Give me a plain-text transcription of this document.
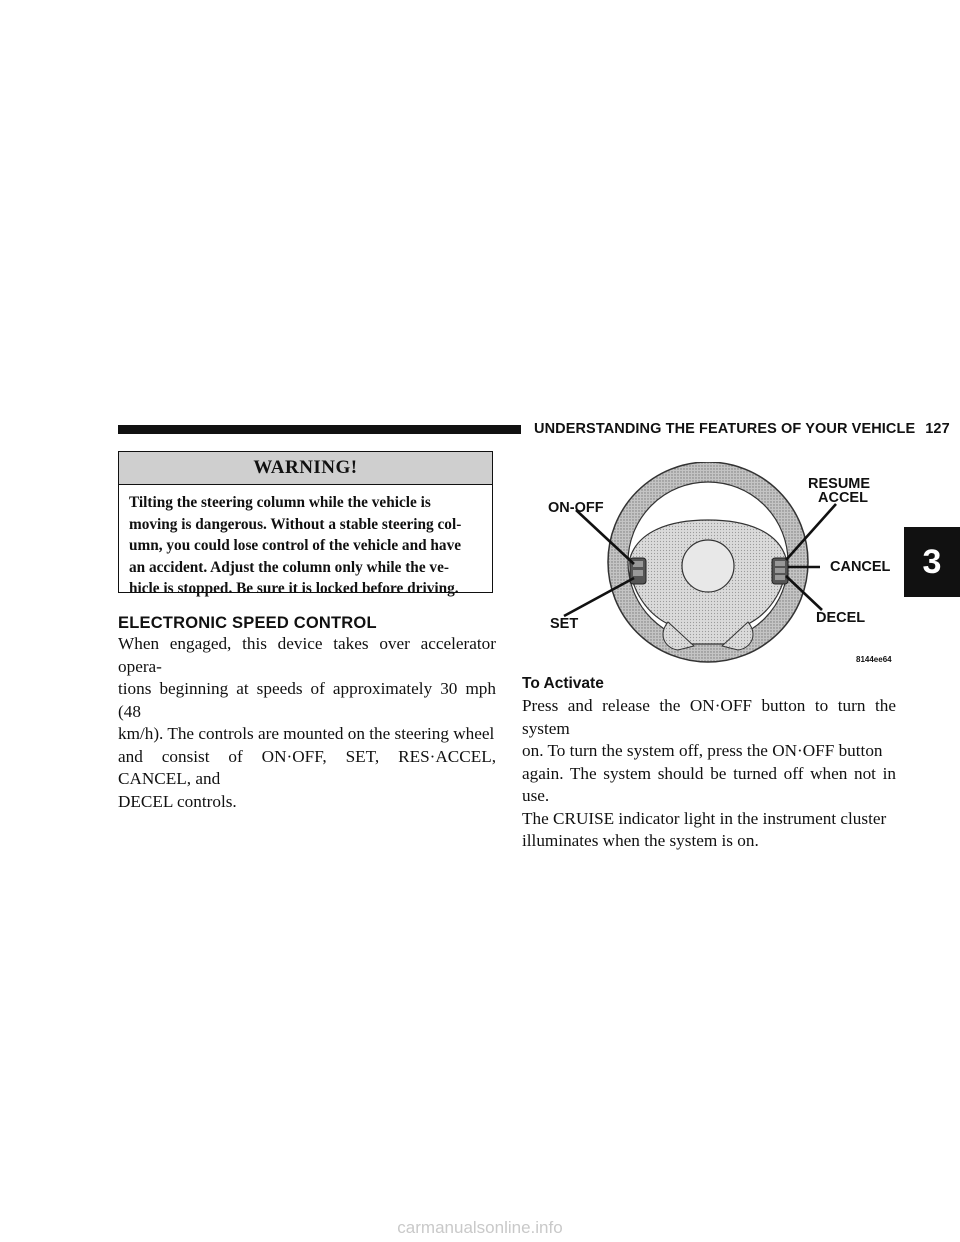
UNDERSTANDING THE FEATURES OF YOUR VEHICLE 127
3
WARNING!
Tilting the steering column while the vehicle is
moving is dangerous. Without a stable steering col-
umn, you could lose control of the vehicle and have
an accident. Adjust the column only while the ve-
hicle is stopped. Be sure it is locked before driving.
ELECTRONIC SPEED CONTROL
When engaged, this device takes over accelerator opera-
tions beginning at speeds of approximately 30 mph (48
km/h). The controls are mounted on the steering wheel
and consist of ON·OFF, SET, RES·ACCEL, CANCEL, and
DECEL controls.
ON-OFF
SET
RESUME
ACCEL
CANCEL
DECEL
8144ee64
To Activate
Press and release the ON·OFF button to turn the system
on. To turn the system off, press the ON·OFF button
again. The system should be turned off when not in use.
The CRUISE indicator light in the instrument cluster
illuminates when the system is on.
carmanualsonline.info
